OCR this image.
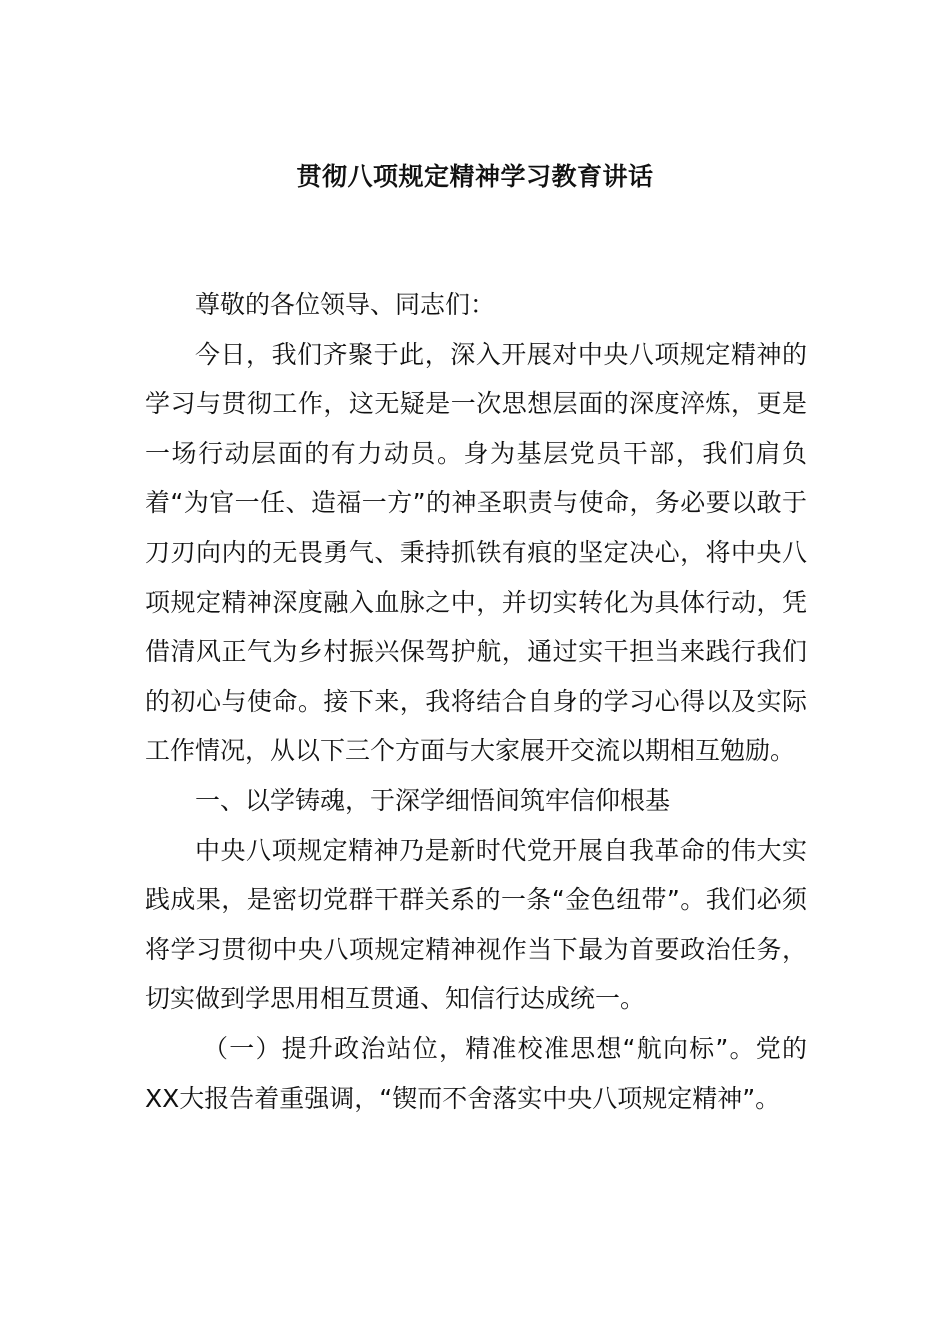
贯彻八项规定精神学习教育讲话

尊敬的各位领导、同志们：

今日，我们齐聚于此，深入开展对中央八项规定精神的学习与贯彻工作，这无疑是一次思想层面的深度淬炼，更是一场行动层面的有力动员。身为基层党员干部，我们肩负着“为官一任、造福一方”的神圣职责与使命，务必要以敢于刀刃向内的无畏勇气、秉持抓铁有痕的坚定决心，将中央八项规定精神深度融入血脉之中，并切实转化为具体行动，凭借清风正气为乡村振兴保驾护航，通过实干担当来践行我们的初心与使命。接下来，我将结合自身的学习心得以及实际工作情况，从以下三个方面与大家展开交流以期相互勉励。

一、以学铸魂，于深学细悟间筑牢信仰根基

中央八项规定精神乃是新时代党开展自我革命的伟大实践成果，是密切党群干群关系的一条“金色纽带”。我们必须将学习贯彻中央八项规定精神视作当下最为首要政治任务，切实做到学思用相互贯通、知信行达成统一。

（一）提升政治站位，精准校准思想“航向标”。党的XX大报告着重强调，“锲而不舍落实中央八项规定精神”。
